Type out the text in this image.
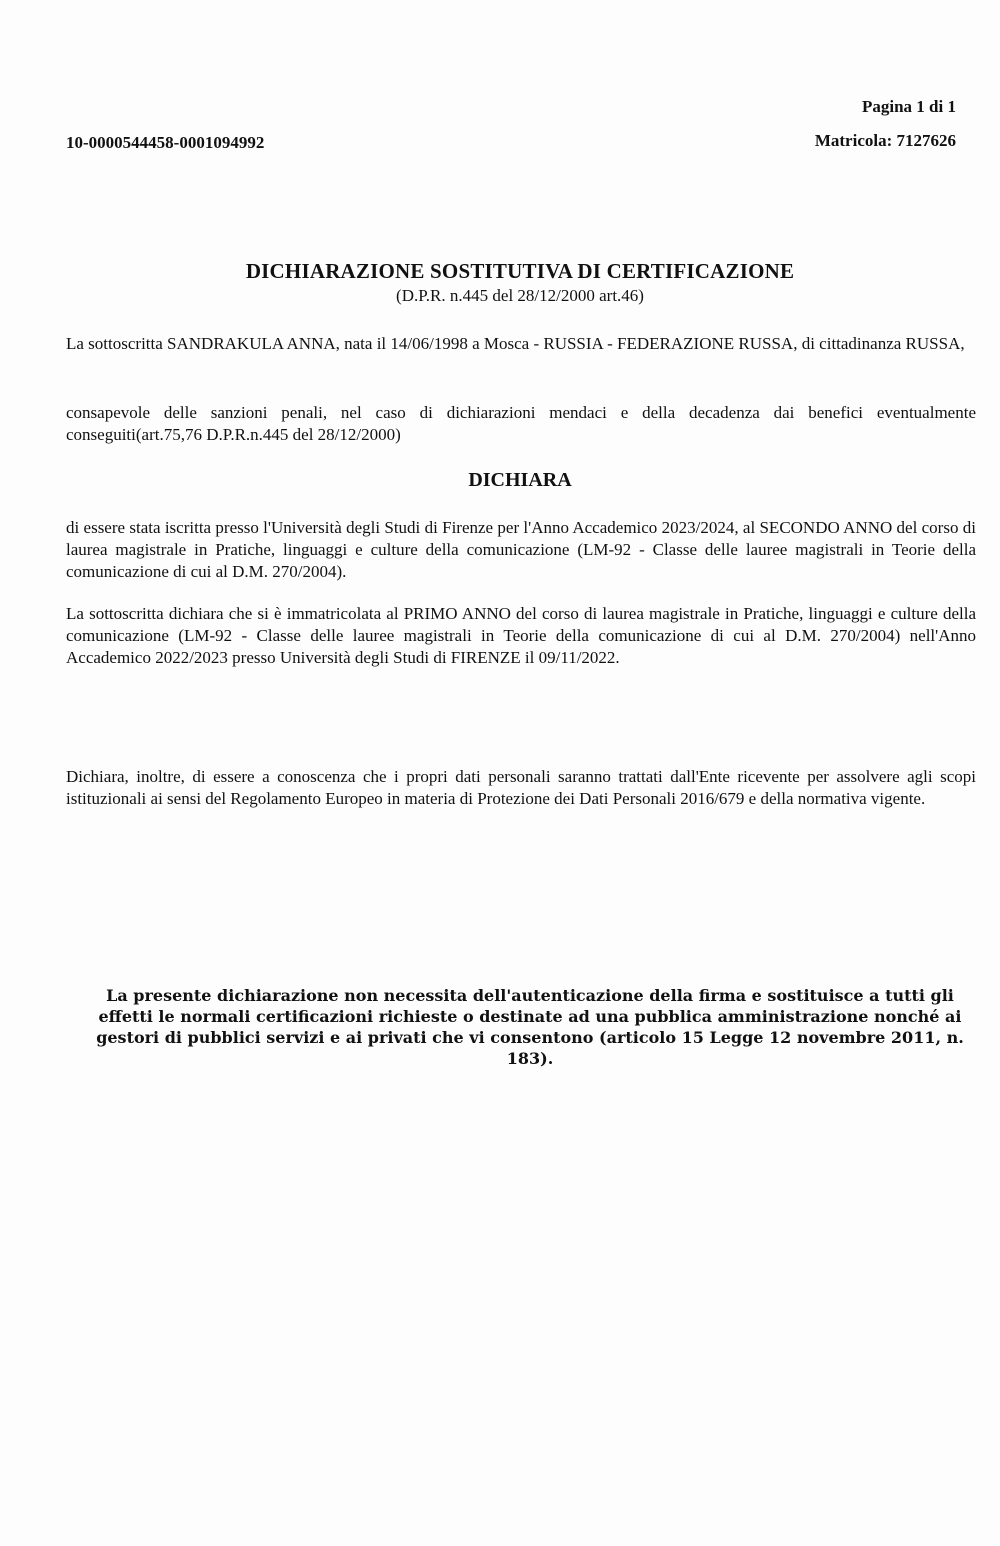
Pagina 1 di 1
10-0000544458-0001094992	Matricola: 7127626
DICHIARAZIONE SOSTITUTIVA DI CERTIFICAZIONE
(D.P.R. n.445 del 28/12/2000 art.46)
La sottoscritta SANDRAKULA ANNA, nata il 14/06/1998 a Mosca - RUSSIA - FEDERAZIONE RUSSA, di cittadinanza RUSSA,
consapevole delle sanzioni penali, nel caso di dichiarazioni mendaci e della decadenza dai benefici eventualmente conseguiti(art.75,76 D.P.R.n.445 del 28/12/2000)
DICHIARA
di essere stata iscritta presso l'Università degli Studi di Firenze per l'Anno Accademico 2023/2024, al SECONDO ANNO del corso di laurea magistrale in Pratiche, linguaggi e culture della comunicazione (LM-92 - Classe delle lauree magistrali in Teorie della comunicazione di cui al D.M. 270/2004).
La sottoscritta dichiara che si è immatricolata al PRIMO ANNO del corso di laurea magistrale in Pratiche, linguaggi e culture della comunicazione (LM-92 - Classe delle lauree magistrali in Teorie della comunicazione di cui al D.M. 270/2004) nell'Anno Accademico 2022/2023 presso Università degli Studi di FIRENZE il 09/11/2022.
Dichiara, inoltre, di essere a conoscenza che i propri dati personali saranno trattati dall'Ente ricevente per assolvere agli scopi istituzionali ai sensi del Regolamento Europeo in materia di Protezione dei Dati Personali 2016/679 e della normativa vigente.
La presente dichiarazione non necessita dell'autenticazione della firma e sostituisce a tutti gli effetti le normali certificazioni richieste o destinate ad una pubblica amministrazione nonché ai gestori di pubblici servizi e ai privati che vi consentono (articolo 15 Legge 12 novembre 2011, n. 183).
